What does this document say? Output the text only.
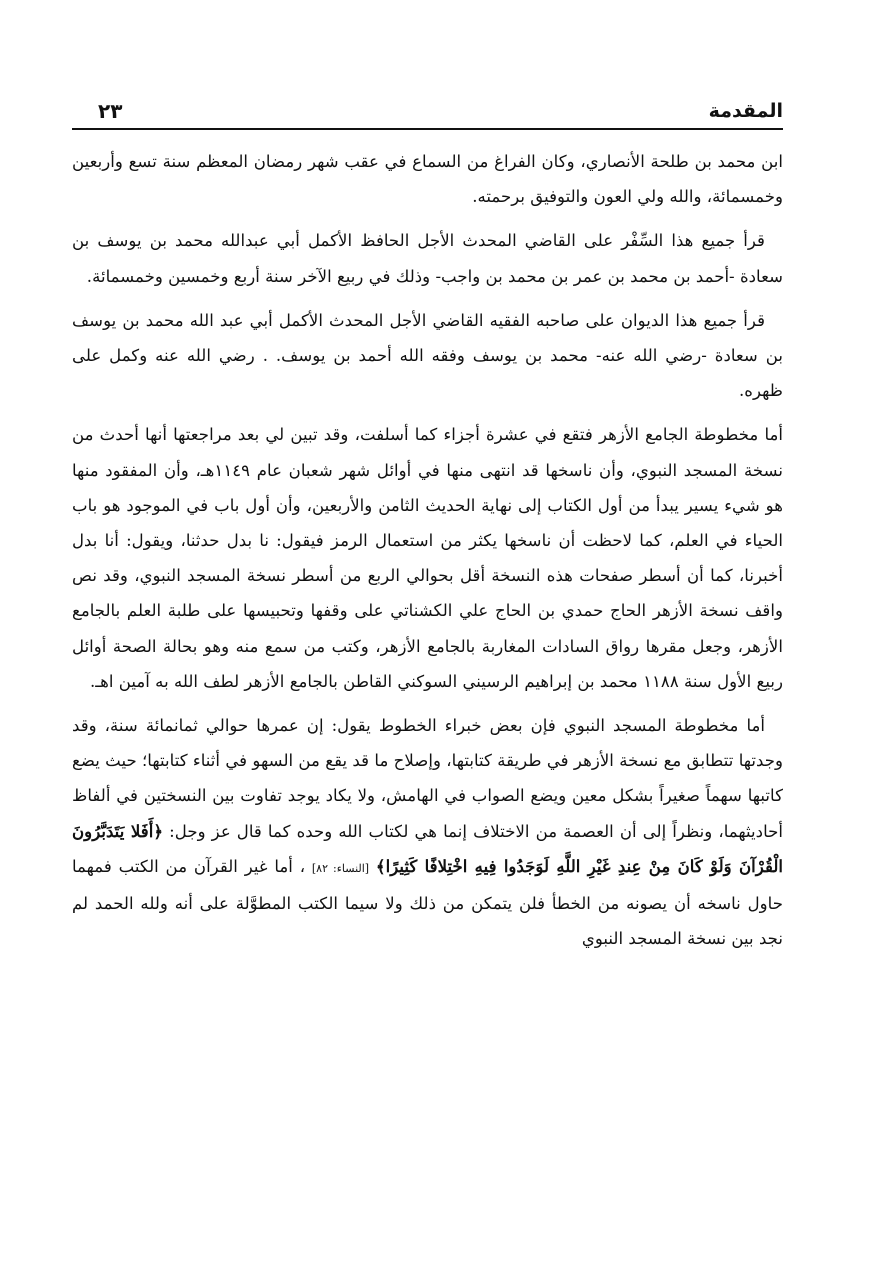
المقدمة
٢٣

ابن محمد بن طلحة الأنصاري، وكان الفراغ من السماع في عقب شهر رمضان المعظم سنة تسع وأربعين وخمسمائة، والله ولي العون والتوفيق برحمته.

قرأ جميع هذا السِّفْر على القاضي المحدث الأجل الحافظ الأكمل أبي عبدالله محمد بن يوسف بن سعادة -أحمد بن محمد بن عمر بن محمد بن واجب- وذلك في ربيع الآخر سنة أربع وخمسين وخمسمائة.

قرأ جميع هذا الديوان على صاحبه الفقيه القاضي الأجل المحدث الأكمل أبي عبد الله محمد بن يوسف بن سعادة -رضي الله عنه- محمد بن يوسف وفقه الله أحمد بن يوسف. . رضي الله عنه وكمل على ظهره.

أما مخطوطة الجامع الأزهر فتقع في عشرة أجزاء كما أسلفت، وقد تبين لي بعد مراجعتها أنها أحدث من نسخة المسجد النبوي، وأن ناسخها قد انتهى منها في أوائل شهر شعبان عام ١١٤٩هـ، وأن المفقود منها هو شيء يسير يبدأ من أول الكتاب إلى نهاية الحديث الثامن والأربعين، وأن أول باب في الموجود هو باب الحياء في العلم، كما لاحظت أن ناسخها يكثر من استعمال الرمز فيقول: نا بدل حدثنا، ويقول: أنا بدل أخبرنا، كما أن أسطر صفحات هذه النسخة أقل بحوالي الربع من أسطر نسخة المسجد النبوي، وقد نص واقف نسخة الأزهر الحاج حمدي بن الحاج علي الكشناتي على وقفها وتحبيسها على طلبة العلم بالجامع الأزهر، وجعل مقرها رواق السادات المغاربة بالجامع الأزهر، وكتب من سمع منه وهو بحالة الصحة أوائل ربيع الأول سنة ١١٨٨ محمد بن إبراهيم الرسيني السوكني القاطن بالجامع الأزهر لطف الله به آمين اهـ.

أما مخطوطة المسجد النبوي فإن بعض خبراء الخطوط يقول: إن عمرها حوالي ثمانمائة سنة، وقد وجدتها تتطابق مع نسخة الأزهر في طريقة كتابتها، وإصلاح ما قد يقع من السهو في أثناء كتابتها؛ حيث يضع كاتبها سهماً صغيراً بشكل معين ويضع الصواب في الهامش، ولا يكاد يوجد تفاوت بين النسختين في ألفاظ أحاديثهما، ونظراً إلى أن العصمة من الاختلاف إنما هي لكتاب الله وحده كما قال عز وجل: ﴿أَفَلا يَتَدَبَّرُونَ الْقُرْآنَ وَلَوْ كَانَ مِنْ عِندِ غَيْرِ اللَّهِ لَوَجَدُوا فِيهِ اخْتِلافًا كَثِيرًا﴾ [النساء: ٨٢] ، أما غير القرآن من الكتب فمهما حاول ناسخه أن يصونه من الخطأ فلن يتمكن من ذلك ولا سيما الكتب المطوَّلة على أنه ولله الحمد لم نجد بين نسخة المسجد النبوي
